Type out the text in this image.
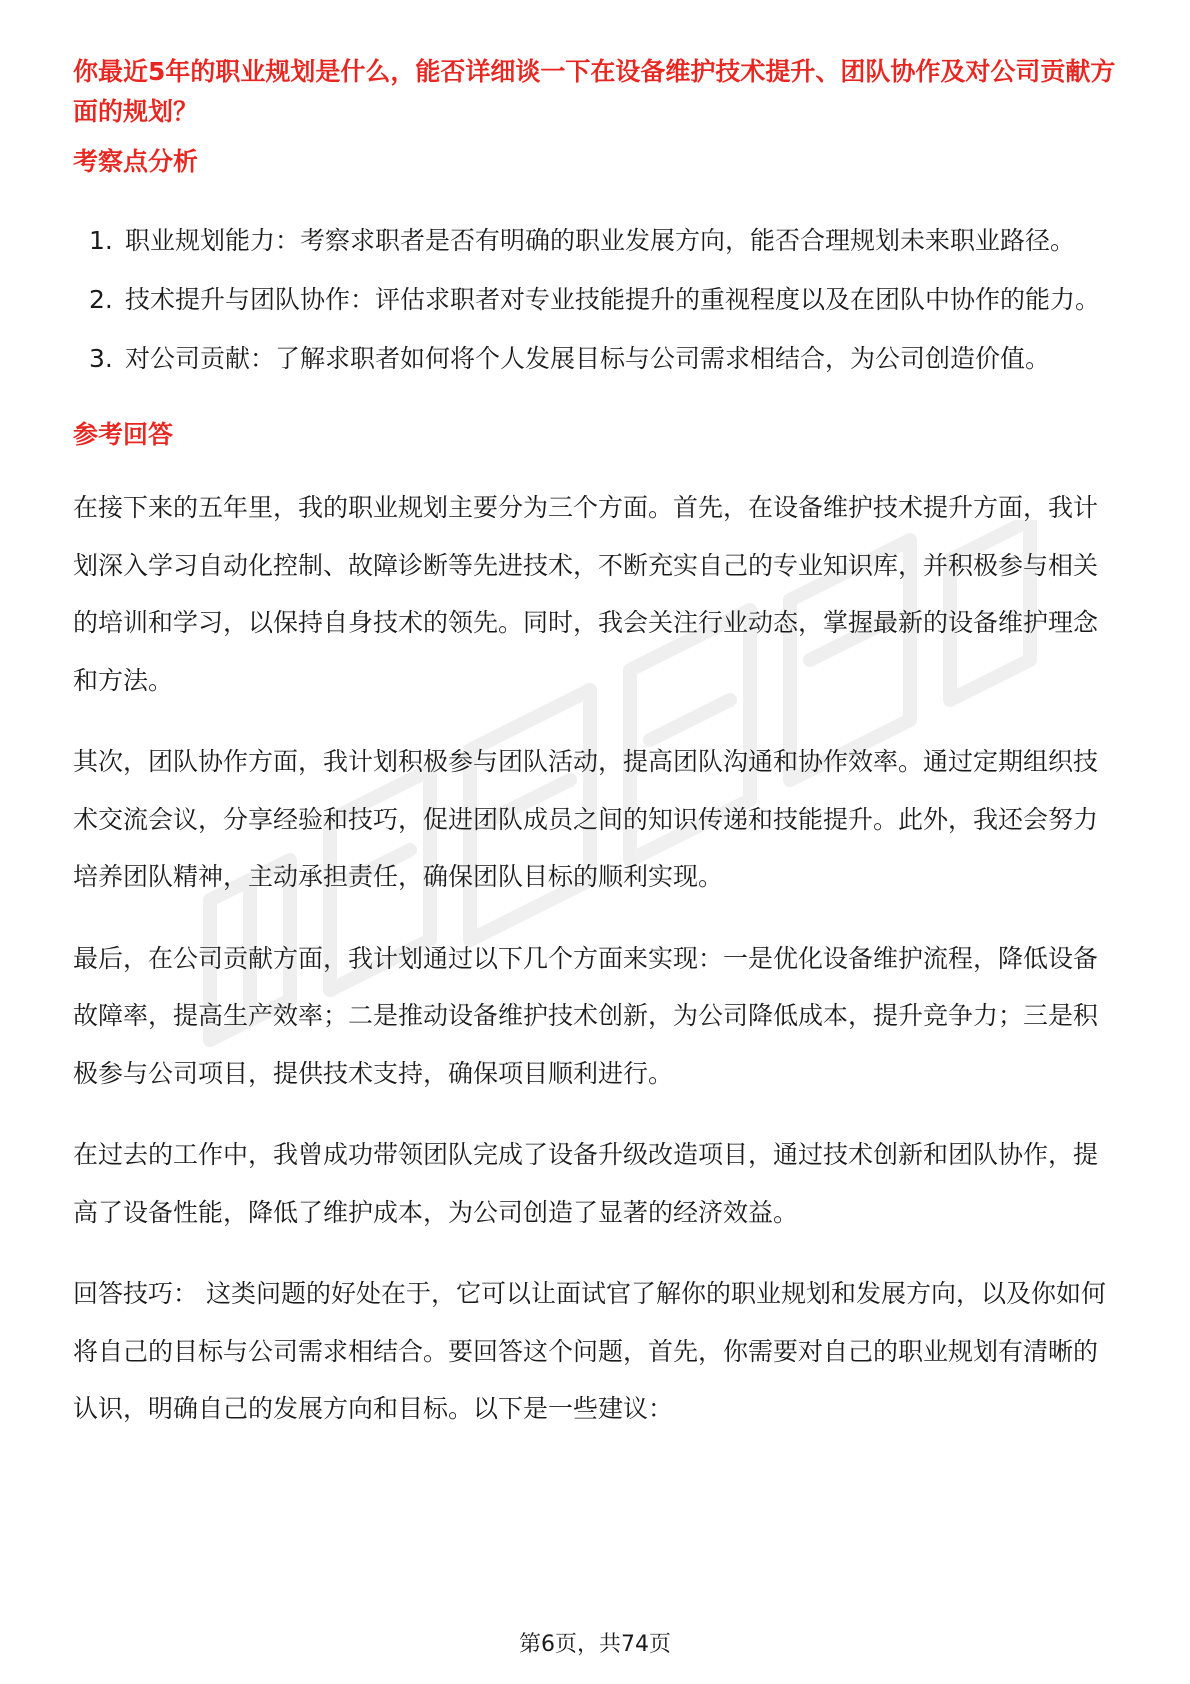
你最近5年的职业规划是什么，能否详细谈一下在设备维护技术提升、团队协作及对公司贡献方面的规划？

考察点分析

1. 职业规划能力：考察求职者是否有明确的职业发展方向，能否合理规划未来职业路径。
2. 技术提升与团队协作：评估求职者对专业技能提升的重视程度以及在团队中协作的能力。
3. 对公司贡献：了解求职者如何将个人发展目标与公司需求相结合，为公司创造价值。

参考回答

在接下来的五年里，我的职业规划主要分为三个方面。首先，在设备维护技术提升方面，我计划深入学习自动化控制、故障诊断等先进技术，不断充实自己的专业知识库，并积极参与相关的培训和学习，以保持自身技术的领先。同时，我会关注行业动态，掌握最新的设备维护理念和方法。

其次，团队协作方面，我计划积极参与团队活动，提高团队沟通和协作效率。通过定期组织技术交流会议，分享经验和技巧，促进团队成员之间的知识传递和技能提升。此外，我还会努力培养团队精神，主动承担责任，确保团队目标的顺利实现。

最后，在公司贡献方面，我计划通过以下几个方面来实现：一是优化设备维护流程，降低设备故障率，提高生产效率；二是推动设备维护技术创新，为公司降低成本，提升竞争力；三是积极参与公司项目，提供技术支持，确保项目顺利进行。

在过去的工作中，我曾成功带领团队完成了设备升级改造项目，通过技术创新和团队协作，提高了设备性能，降低了维护成本，为公司创造了显著的经济效益。

回答技巧： 这类问题的好处在于，它可以让面试官了解你的职业规划和发展方向，以及你如何将自己的目标与公司需求相结合。要回答这个问题，首先，你需要对自己的职业规划有清晰的认识，明确自己的发展方向和目标。以下是一些建议：

第6页，共74页
